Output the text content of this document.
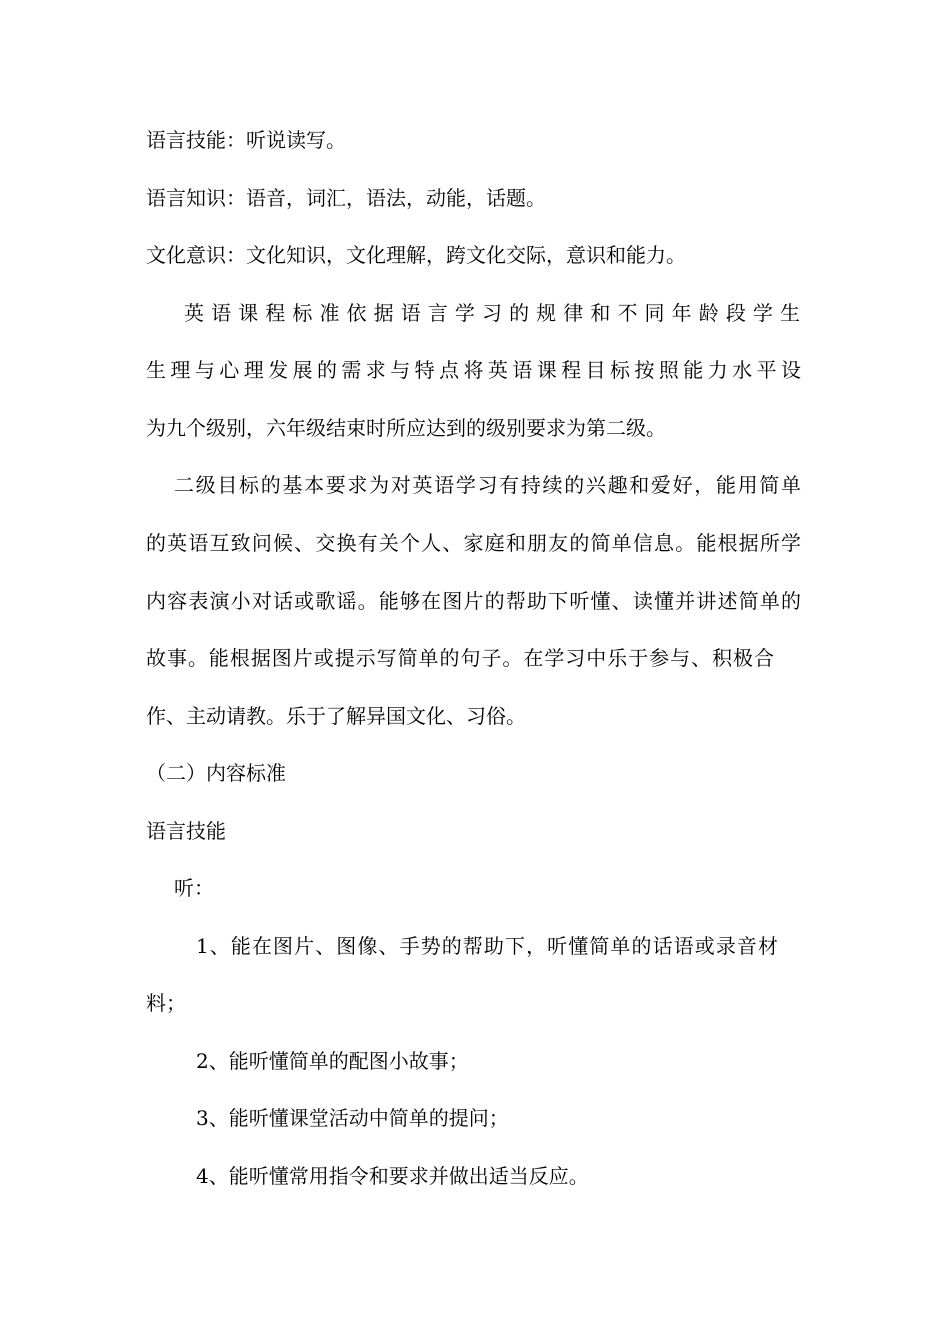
语言技能：听说读写。
语言知识：语音，词汇，语法，动能，话题。
文化意识：文化知识，文化理解，跨文化交际，意识和能力。
英语课程标准依据语言学习的规律和不同年龄段学生
生理与心理发展的需求与特点将英语课程目标按照能力水平设
为九个级别，六年级结束时所应达到的级别要求为第二级。
二级目标的基本要求为对英语学习有持续的兴趣和爱好，能用简单
的英语互致问候、交换有关个人、家庭和朋友的简单信息。能根据所学
内容表演小对话或歌谣。能够在图片的帮助下听懂、读懂并讲述简单的
故事。能根据图片或提示写简单的句子。在学习中乐于参与、积极合
作、主动请教。乐于了解异国文化、习俗。
（二）内容标准
语言技能
听：
1、能在图片、图像、手势的帮助下，听懂简单的话语或录音材
料；
2、能听懂简单的配图小故事；
3、能听懂课堂活动中简单的提问；
4、能听懂常用指令和要求并做出适当反应。
